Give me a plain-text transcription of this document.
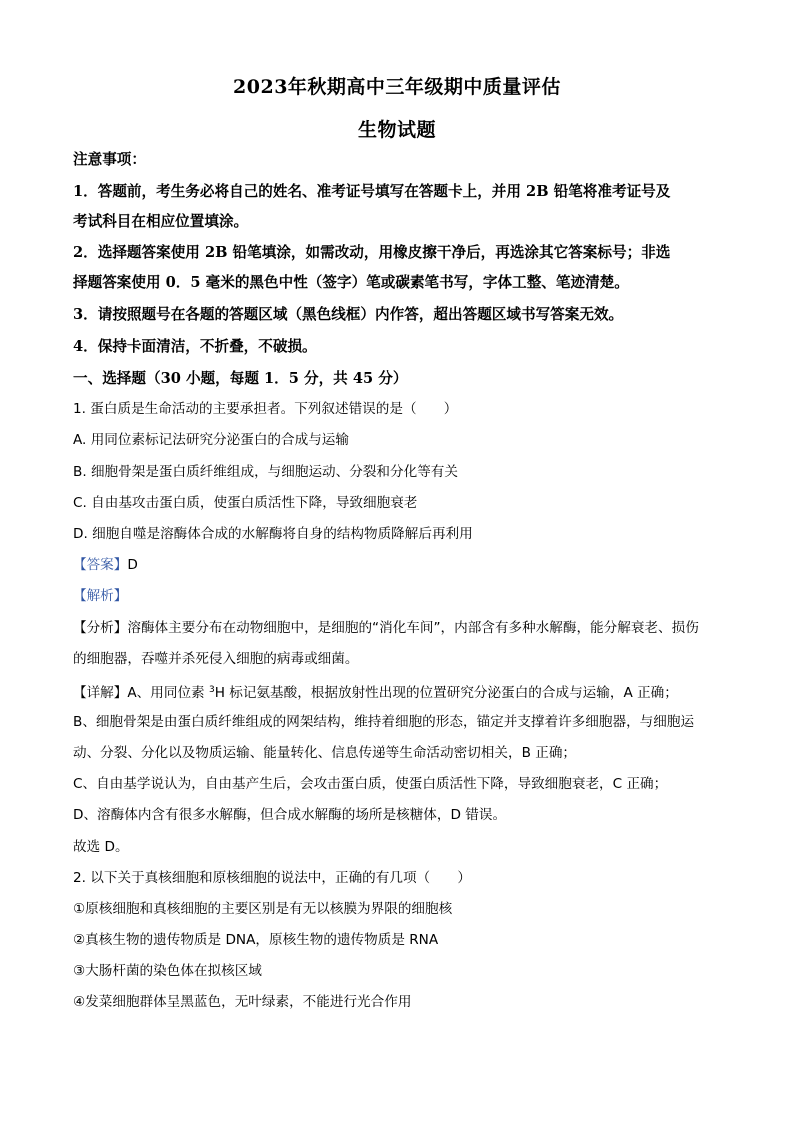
2023年秋期高中三年级期中质量评估
生物试题
注意事项：
1．答题前，考生务必将自己的姓名、准考证号填写在答题卡上，并用 2B 铅笔将准考证号及
考试科目在相应位置填涂。
2．选择题答案使用 2B 铅笔填涂，如需改动，用橡皮擦干净后，再选涂其它答案标号；非选
择题答案使用 0．5 毫米的黑色中性（签字）笔或碳素笔书写，字体工整、笔迹清楚。
3．请按照题号在各题的答题区域（黑色线框）内作答，超出答题区域书写答案无效。
4．保持卡面清洁，不折叠，不破损。
一、选择题（30 小题，每题 1．5 分，共 45 分）
1. 蛋白质是生命活动的主要承担者。下列叙述错误的是（　　）
A. 用同位素标记法研究分泌蛋白的合成与运输
B. 细胞骨架是蛋白质纤维组成，与细胞运动、分裂和分化等有关
C. 自由基攻击蛋白质，使蛋白质活性下降，导致细胞衰老
D. 细胞自噬是溶酶体合成的水解酶将自身的结构物质降解后再利用
【答案】D
【解析】
【分析】溶酶体主要分布在动物细胞中，是细胞的“消化车间”，内部含有多种水解酶，能分解衰老、损伤
的细胞器，吞噬并杀死侵入细胞的病毒或细菌。
【详解】A、用同位素 $^3$H 标记氨基酸，根据放射性出现的位置研究分泌蛋白的合成与运输，A 正确；
B、细胞骨架是由蛋白质纤维组成的网架结构，维持着细胞的形态，锚定并支撑着许多细胞器，与细胞运
动、分裂、分化以及物质运输、能量转化、信息传递等生命活动密切相关，B 正确；
C、自由基学说认为，自由基产生后，会攻击蛋白质，使蛋白质活性下降，导致细胞衰老，C 正确；
D、溶酶体内含有很多水解酶，但合成水解酶的场所是核糖体，D 错误。
故选 D。
2. 以下关于真核细胞和原核细胞的说法中，正确的有几项（　　）
①原核细胞和真核细胞的主要区别是有无以核膜为界限的细胞核
②真核生物的遗传物质是 DNA，原核生物的遗传物质是 RNA
③大肠杆菌的染色体在拟核区域
④发菜细胞群体呈黑蓝色，无叶绿素，不能进行光合作用
